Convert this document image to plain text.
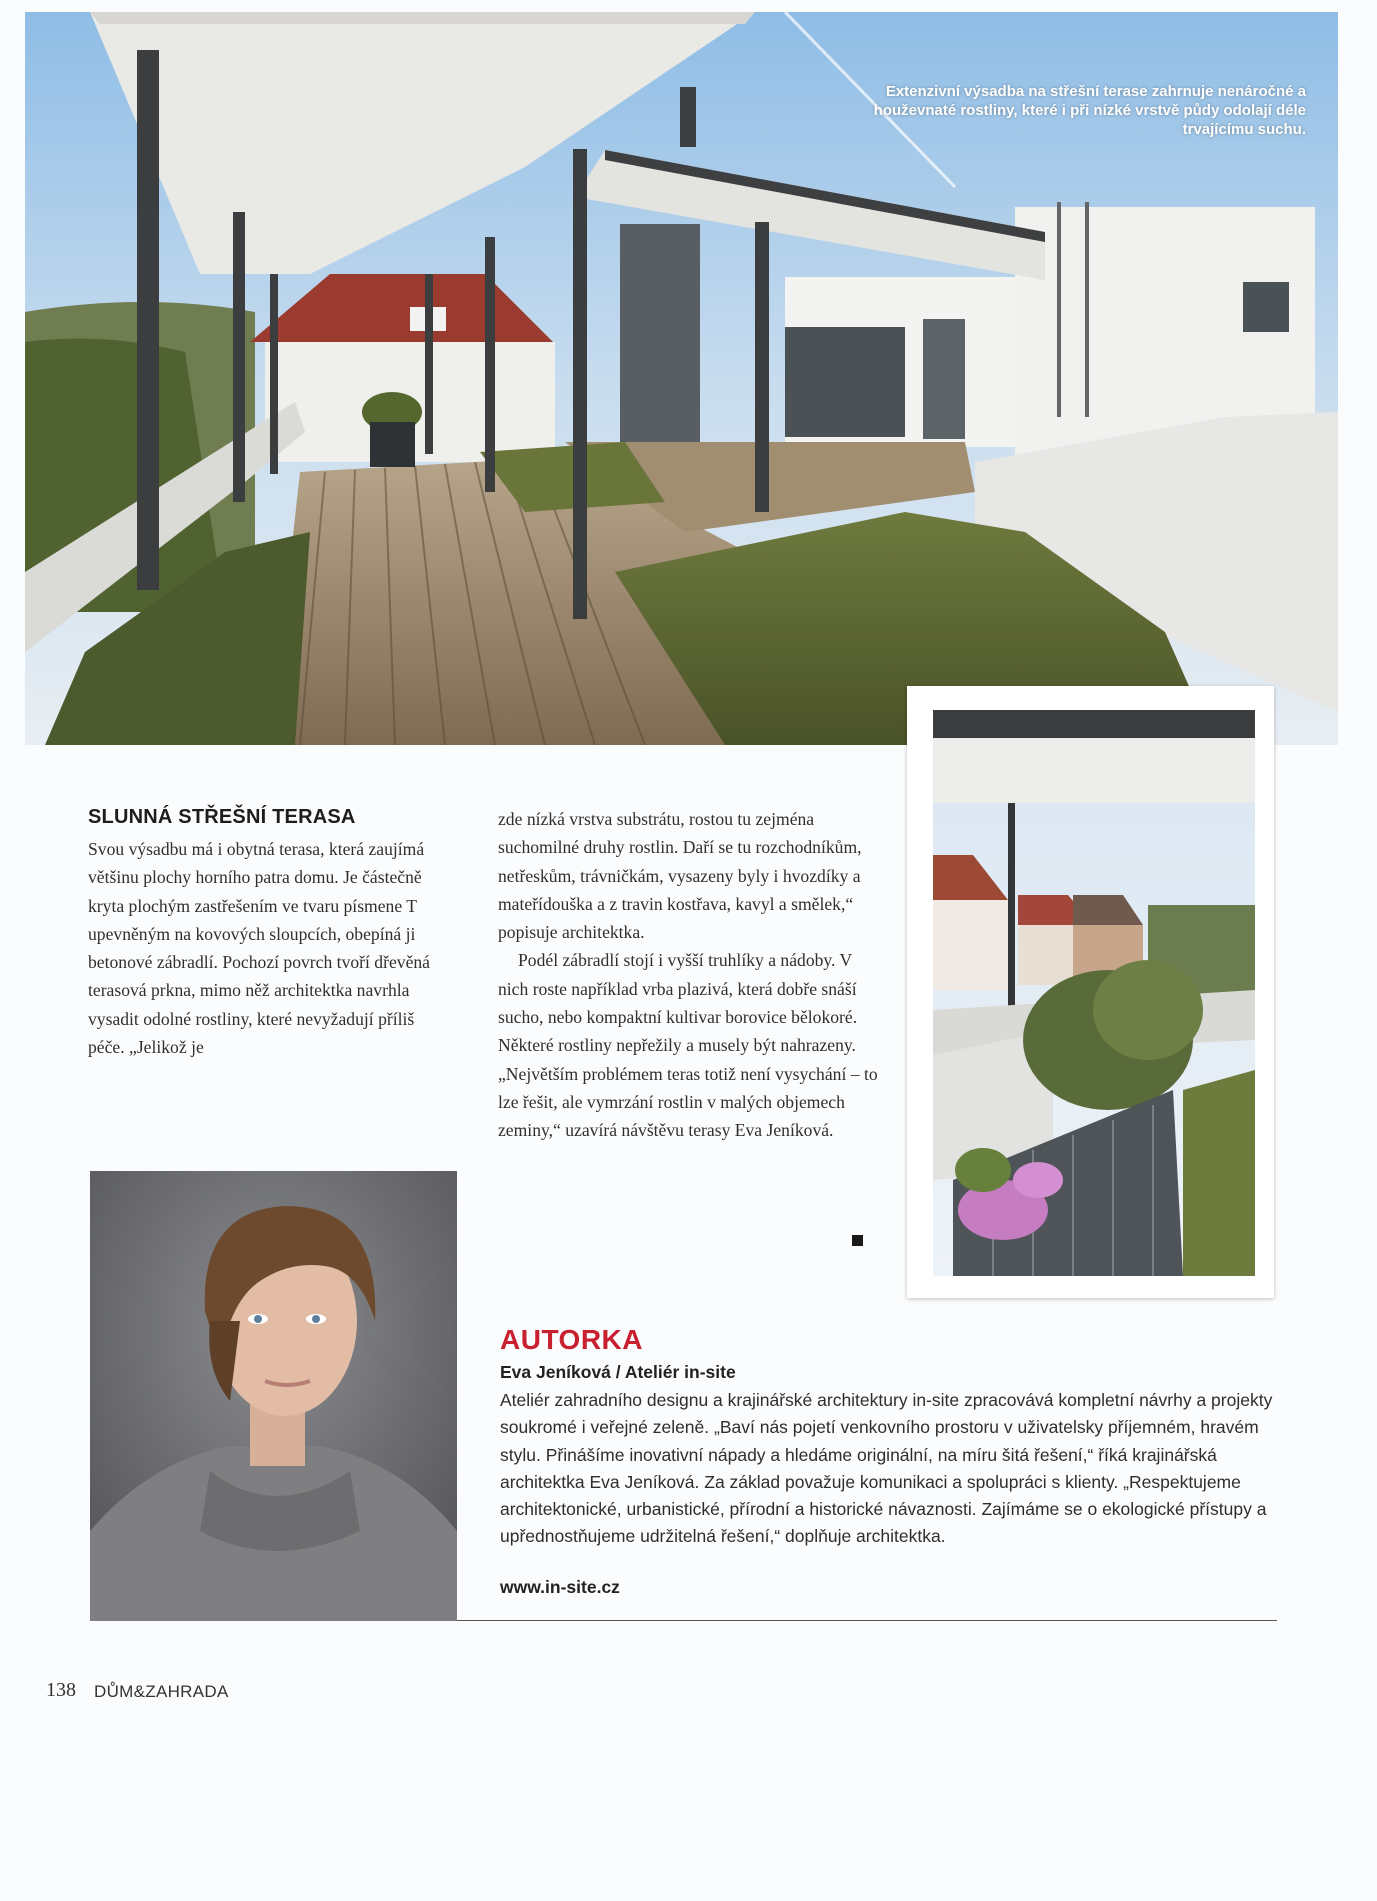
Extenzivní výsadba na střešní terase zahrnuje nenáročné a houževnaté rostliny, které i při nízké vrstvě půdy odolají déle trvajícímu suchu.
SLUNNÁ STŘEŠNÍ TERASA

Svou výsadbu má i obytná terasa, která zaujímá většinu plochy horního patra domu. Je částečně kryta plochým zastřešením ve tvaru písmene T upevněným na kovových sloupcích, obepíná ji betonové zábradlí. Pochozí povrch tvoří dřevěná terasová prkna, mimo něž architektka navrhla vysadit odolné rostliny, které nevyžadují příliš péče. „Jelikož je

zde nízká vrstva substrátu, rostou tu zejména suchomilné druhy rostlin. Daří se tu rozchodníkům, netřeskům, trávničkám, vysazeny byly i hvozdíky a mateřídouška a z travin kostřava, kavyl a smělek,“ popisuje architektka.

Podél zábradlí stojí i vyšší truhlíky a nádoby. V nich roste například vrba plazivá, která dobře snáší sucho, nebo kompaktní kultivar borovice bělokoré. Některé rostliny nepřežily a musely být nahrazeny. „Největším problémem teras totiž není vysychání – to lze řešit, ale vymrzání rostlin v malých objemech zeminy,“ uzavírá návštěvu terasy Eva Jeníková.

AUTORKA
Eva Jeníková / Ateliér in-site
Ateliér zahradního designu a krajinářské architektury in-site zpracovává kompletní návrhy a projekty soukromé i veřejné zeleně. „Baví nás pojetí venkovního prostoru v uživatelsky příjemném, hravém stylu. Přinášíme inovativní nápady a hledáme originální, na míru šitá řešení,“ říká krajinářská architektka Eva Jeníková. Za základ považuje komunikaci a spolupráci s klienty. „Respektujeme architektonické, urbanistické, přírodní a historické návaznosti. Zajímáme se o ekologické přístupy a upřednostňujeme udržitelná řešení,“ doplňuje architektka.
www.in-site.cz
138 DŮM&ZAHRADA
